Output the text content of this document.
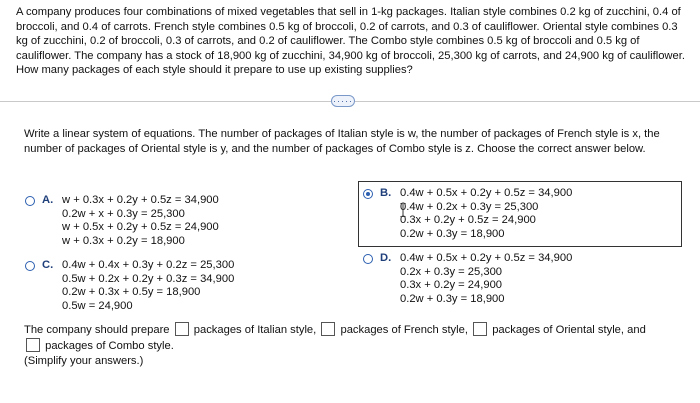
A company produces four combinations of mixed vegetables that sell in 1-kg packages. Italian style combines 0.2 kg of zucchini, 0.4 of broccoli, and 0.4 of carrots. French style combines 0.5 kg of broccoli, 0.2 of carrots, and 0.3 of cauliflower. Oriental style combines 0.3 kg of zucchini, 0.2 of broccoli, 0.3 of carrots, and 0.2 of cauliflower. The Combo style combines 0.5 kg of broccoli and 0.5 kg of cauliflower. The company has a stock of 18,900 kg of zucchini, 34,900 kg of broccoli, 25,300 kg of carrots, and 24,900 kg of cauliflower. How many packages of each style should it prepare to use up existing supplies?
·····
Write a linear system of equations. The number of packages of Italian style is w, the number of packages of French style is x, the number of packages of Oriental style is y, and the number of packages of Combo style is z. Choose the correct answer below.
A. w + 0.3x + 0.2y + 0.5z = 34,900
0.2w + x + 0.3y = 25,300
w + 0.5x + 0.2y + 0.5z = 24,900
w + 0.3x + 0.2y = 18,900
C. 0.4w + 0.4x + 0.3y + 0.2z = 25,300
0.5w + 0.2x + 0.2y + 0.3z = 34,900
0.2w + 0.3x + 0.5y = 18,900
0.5w = 24,900
B. 0.4w + 0.5x + 0.2y + 0.5z = 34,900
0.4w + 0.2x + 0.3y = 25,300
0.3x + 0.2y + 0.5z = 24,900
0.2w + 0.3y = 18,900
D. 0.4w + 0.5x + 0.2y + 0.5z = 34,900
0.2x + 0.3y = 25,300
0.3x + 0.2y = 24,900
0.2w + 0.3y = 18,900
The company should prepare packages of Italian style, packages of French style, packages of Oriental style, and
packages of Combo style.
(Simplify your answers.)
